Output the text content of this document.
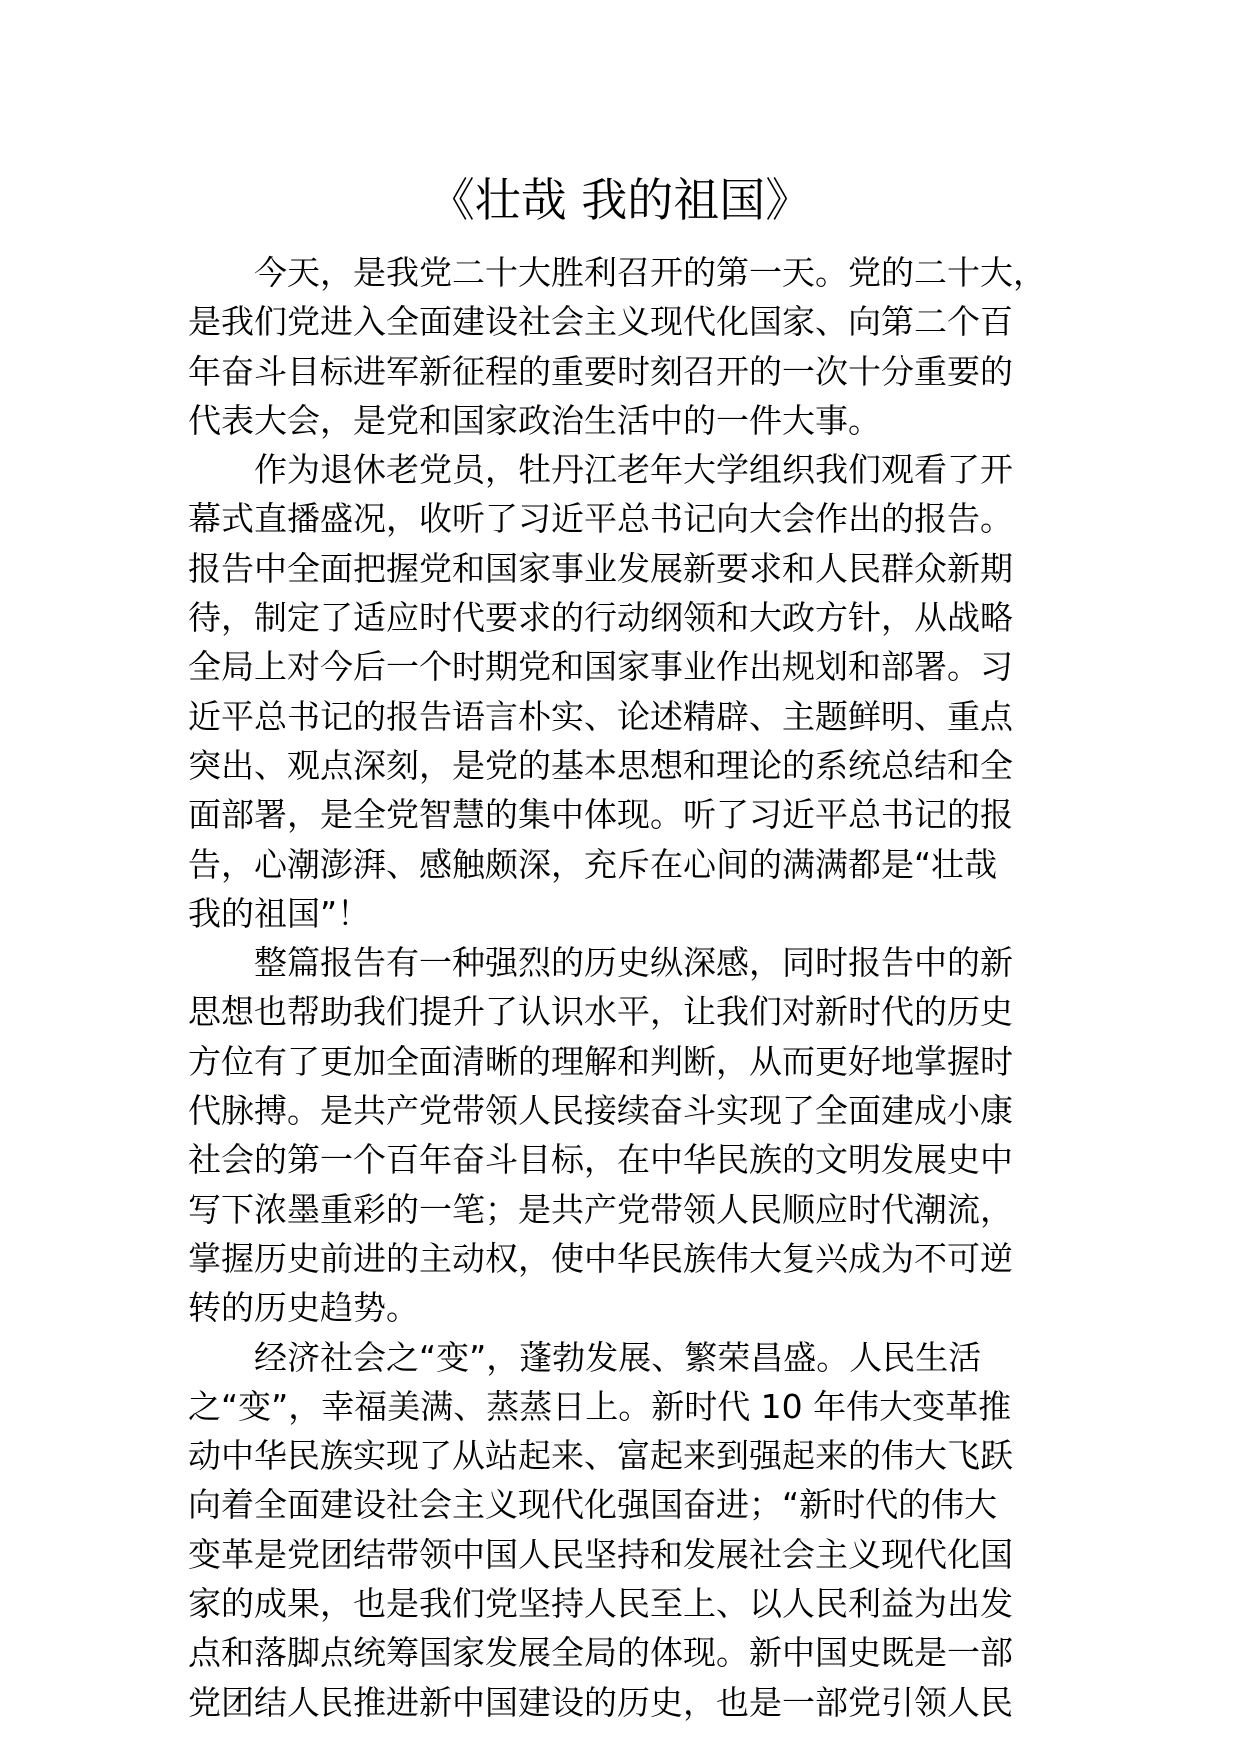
《壮哉 我的祖国》
今天，是我党二十大胜利召开的第一天。党的二十大，
是我们党进入全面建设社会主义现代化国家、向第二个百
年奋斗目标进军新征程的重要时刻召开的一次十分重要的
代表大会，是党和国家政治生活中的一件大事。
作为退休老党员，牡丹江老年大学组织我们观看了开
幕式直播盛况，收听了习近平总书记向大会作出的报告。
报告中全面把握党和国家事业发展新要求和人民群众新期
待，制定了适应时代要求的行动纲领和大政方针，从战略
全局上对今后一个时期党和国家事业作出规划和部署。习
近平总书记的报告语言朴实、论述精辟、主题鲜明、重点
突出、观点深刻，是党的基本思想和理论的系统总结和全
面部署，是全党智慧的集中体现。听了习近平总书记的报
告，心潮澎湃、感触颇深，充斥在心间的满满都是“壮哉
我的祖国”！
整篇报告有一种强烈的历史纵深感，同时报告中的新
思想也帮助我们提升了认识水平，让我们对新时代的历史
方位有了更加全面清晰的理解和判断，从而更好地掌握时
代脉搏。是共产党带领人民接续奋斗实现了全面建成小康
社会的第一个百年奋斗目标，在中华民族的文明发展史中
写下浓墨重彩的一笔；是共产党带领人民顺应时代潮流，
掌握历史前进的主动权，使中华民族伟大复兴成为不可逆
转的历史趋势。
经济社会之“变”，蓬勃发展、繁荣昌盛。人民生活
之“变”，幸福美满、蒸蒸日上。新时代 10 年伟大变革推
动中华民族实现了从站起来、富起来到强起来的伟大飞跃
向着全面建设社会主义现代化强国奋进；“新时代的伟大
变革是党团结带领中国人民坚持和发展社会主义现代化国
家的成果，也是我们党坚持人民至上、以人民利益为出发
点和落脚点统筹国家发展全局的体现。新中国史既是一部
党团结人民推进新中国建设的历史，也是一部党引领人民
